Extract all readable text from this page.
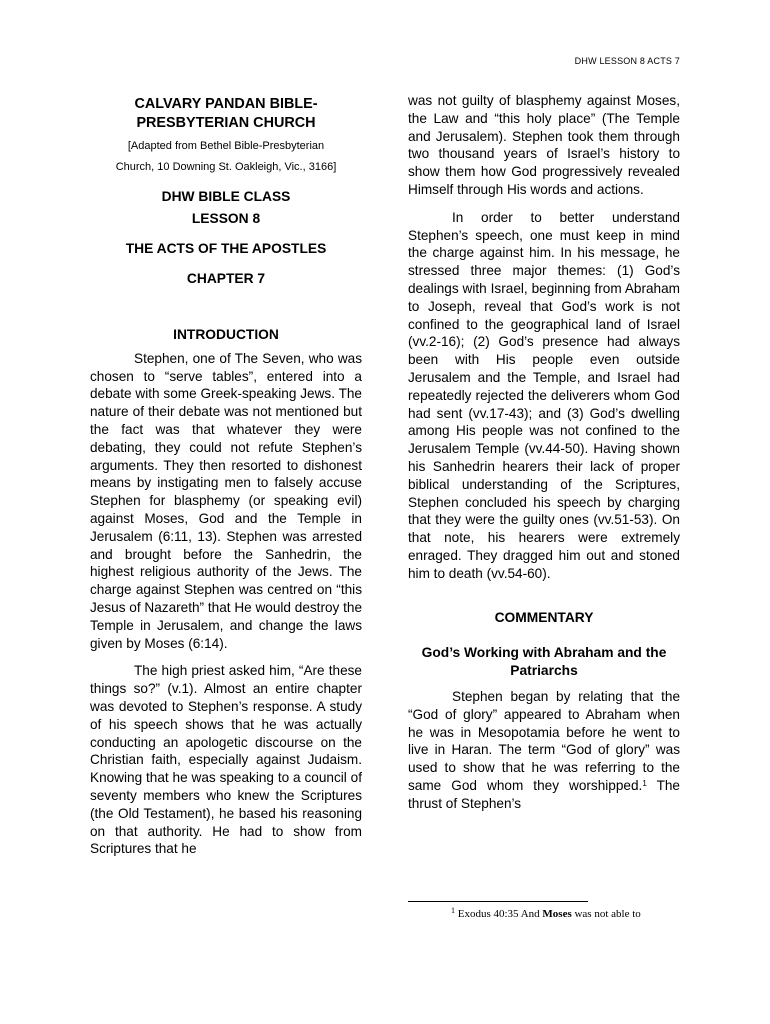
DHW LESSON 8 ACTS 7
CALVARY PANDAN BIBLE-
PRESBYTERIAN CHURCH
[Adapted from Bethel Bible-Presbyterian
Church, 10 Downing St. Oakleigh, Vic., 3166]
DHW BIBLE CLASS
LESSON 8
THE ACTS OF THE APOSTLES
CHAPTER 7
INTRODUCTION

Stephen, one of The Seven, who was chosen to “serve tables”, entered into a debate with some Greek-speaking Jews. The nature of their debate was not mentioned but the fact was that whatever they were debating, they could not refute Stephen’s arguments. They then resorted to dishonest means by instigating men to falsely accuse Stephen for blasphemy (or speaking evil) against Moses, God and the Temple in Jerusalem (6:11, 13). Stephen was arrested and brought before the Sanhedrin, the highest religious authority of the Jews. The charge against Stephen was centred on “this Jesus of Nazareth” that He would destroy the Temple in Jerusalem, and change the laws given by Moses (6:14).

The high priest asked him, “Are these things so?” (v.1). Almost an entire chapter was devoted to Stephen’s response. A study of his speech shows that he was actually conducting an apologetic discourse on the Christian faith, especially against Judaism. Knowing that he was speaking to a council of seventy members who knew the Scriptures (the Old Testament), he based his reasoning on that authority. He had to show from Scriptures that he

was not guilty of blasphemy against Moses, the Law and “this holy place” (The Temple and Jerusalem). Stephen took them through two thousand years of Israel’s history to show them how God progressively revealed Himself through His words and actions.

In order to better understand Stephen’s speech, one must keep in mind the charge against him. In his message, he stressed three major themes: (1) God’s dealings with Israel, beginning from Abraham to Joseph, reveal that God’s work is not confined to the geographical land of Israel (vv.2-16); (2) God’s presence had always been with His people even outside Jerusalem and the Temple, and Israel had repeatedly rejected the deliverers whom God had sent (vv.17-43); and (3) God’s dwelling among His people was not confined to the Jerusalem Temple (vv.44-50). Having shown his Sanhedrin hearers their lack of proper biblical understanding of the Scriptures, Stephen concluded his speech by charging that they were the guilty ones (vv.51-53). On that note, his hearers were extremely enraged. They dragged him out and stoned him to death (vv.54-60).

COMMENTARY
God’s Working with Abraham and the Patriarchs

Stephen began by relating that the “God of glory” appeared to Abraham when he was in Mesopotamia before he went to live in Haran. The term “God of glory” was used to show that he was referring to the same God whom they worshipped.$^1$ The thrust of Stephen’s

$^1$ Exodus 40:35 And Moses was not able to
